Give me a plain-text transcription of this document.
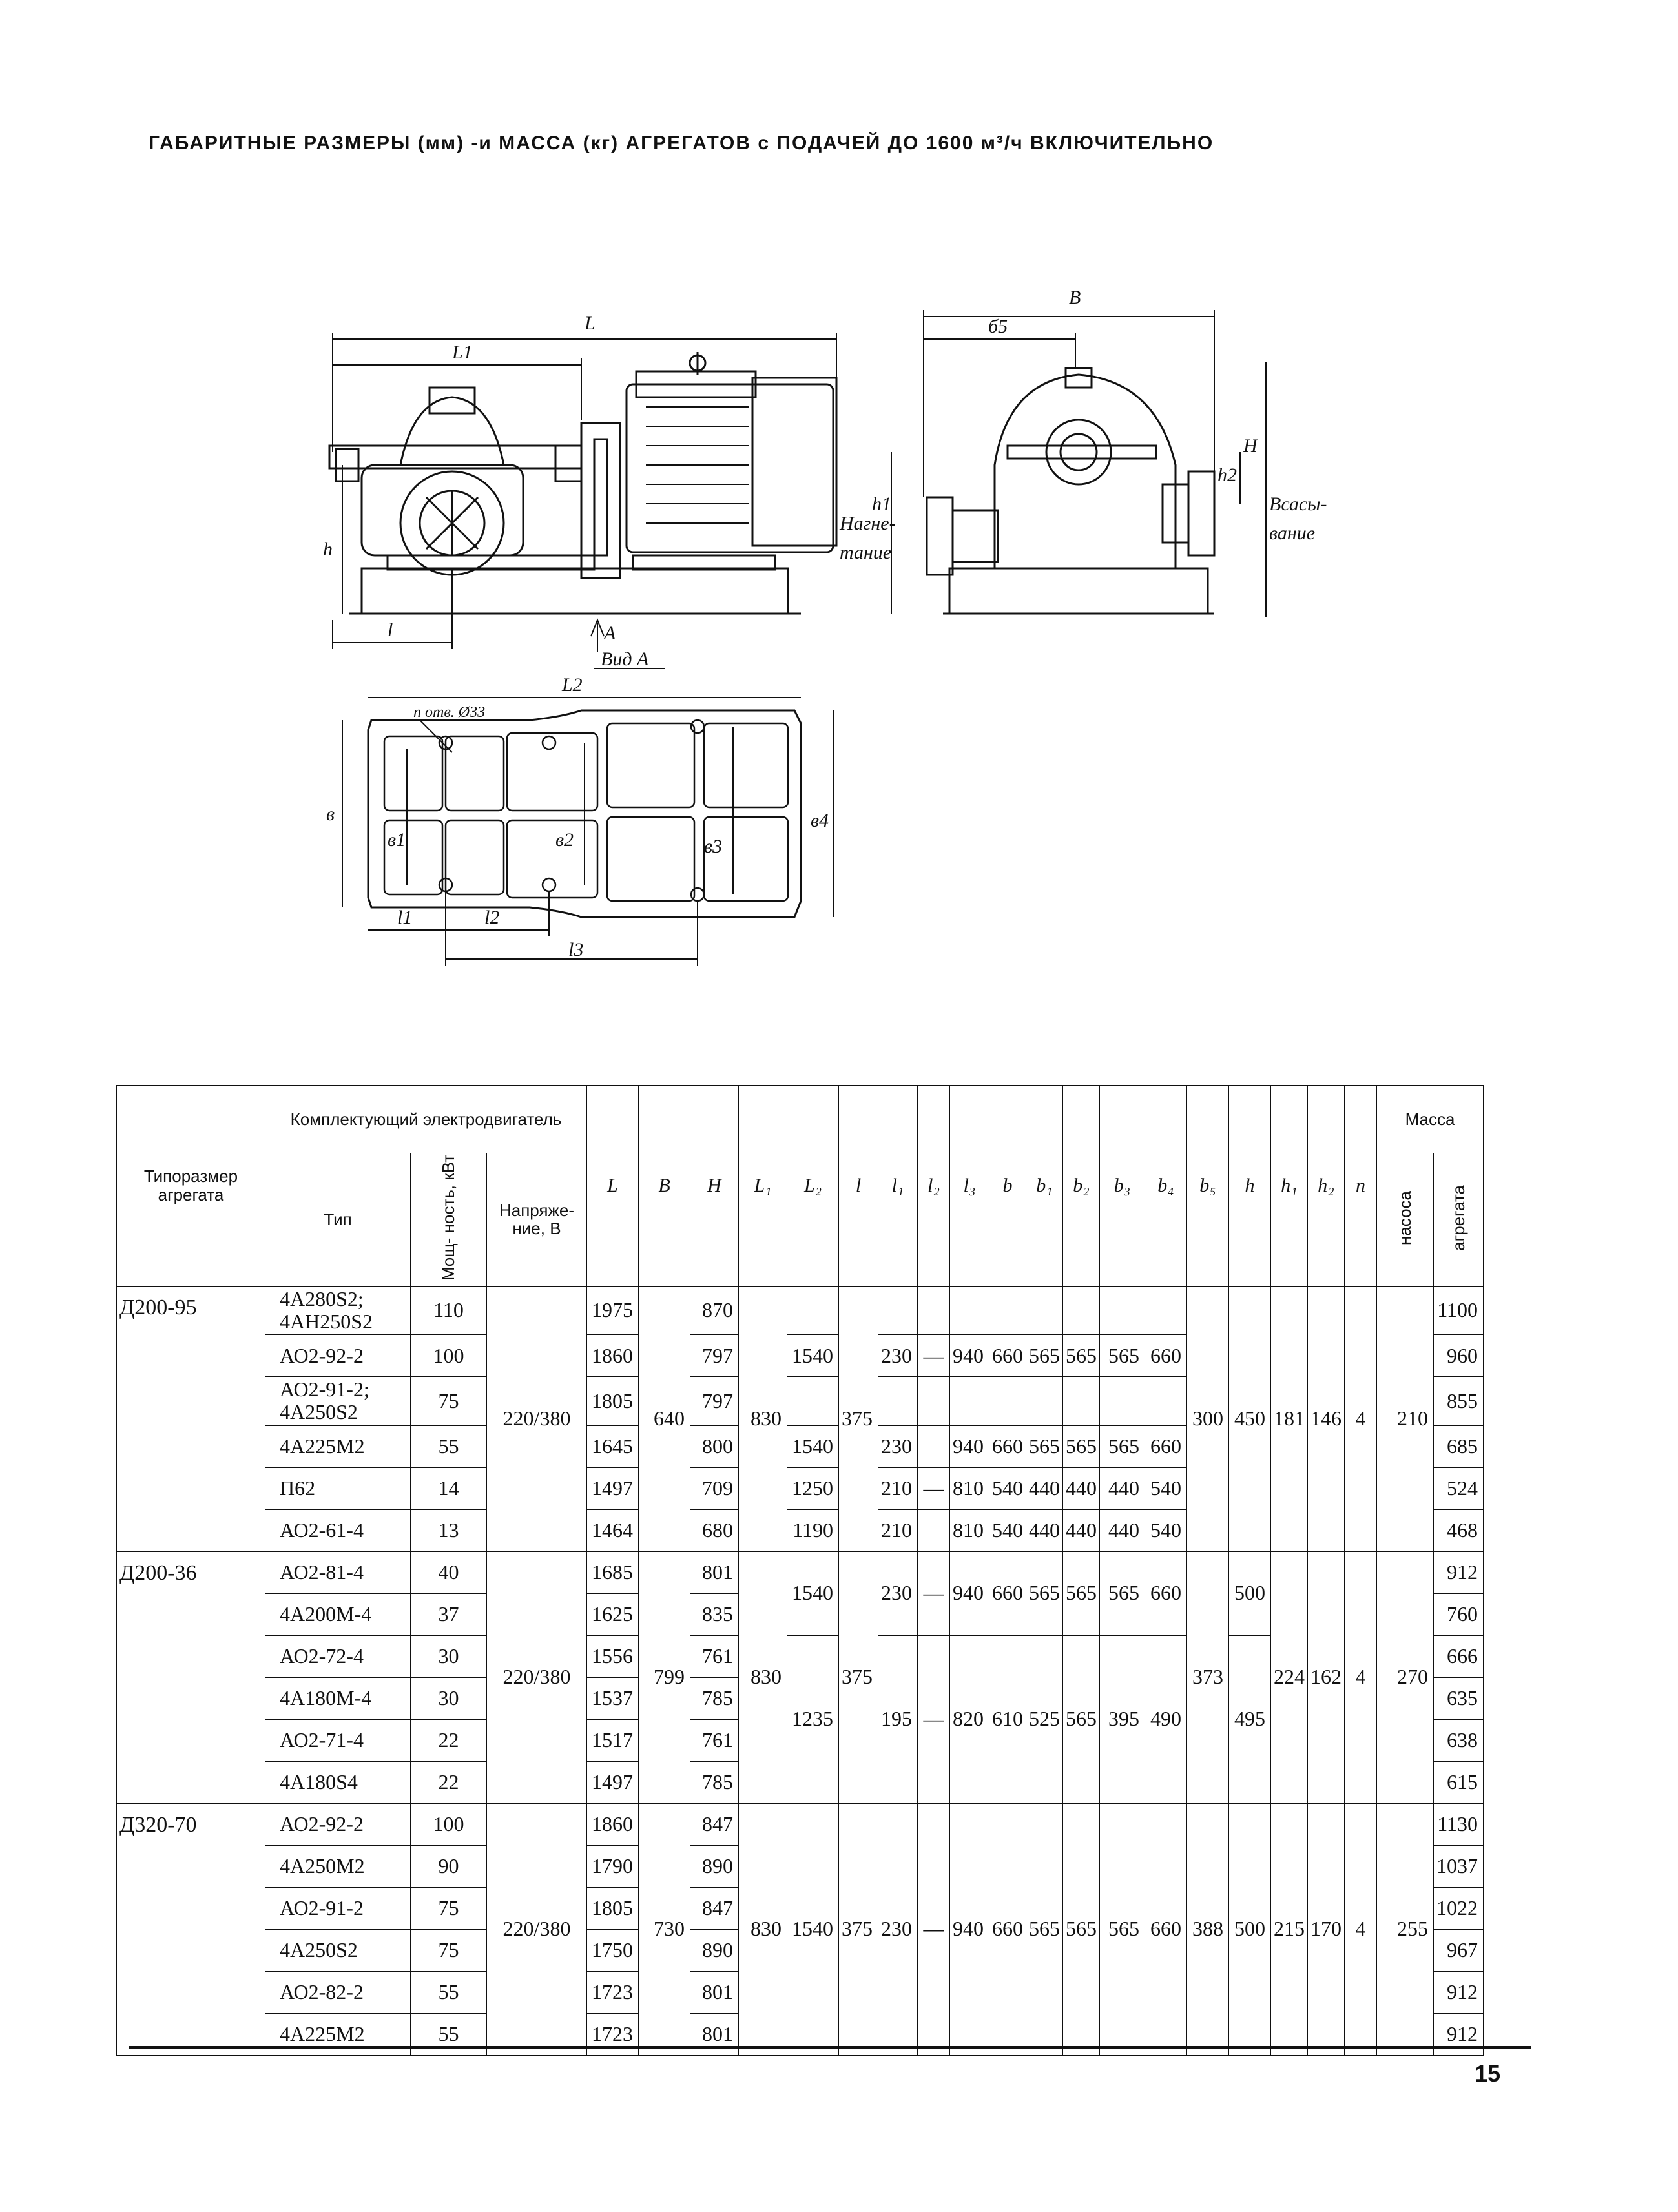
ГАБАРИТНЫЕ РАЗМЕРЫ (мм) -и МАССА (кг) АГРЕГАТОВ с ПОДАЧЕЙ ДО 1600 м³/ч ВКЛЮЧИТЕЛЬНО
L
L1
h
l	A
Вид А
B
б5
H
h1
h2
Нагне-
тание
Всасы-
вание
L2
n отв. Ø33
в
в1	в2	в3
в4
l1	l2
l3
Типоразмер агрегата	Комплектующий электродвигатель			L	B	H	L₁	L₂	l	l₁	l₂	l₃	b	b₁	b₂	b₃	b₄	b₅	h	h₁	h₂	n	Масса	
	Тип	Мощ- ность, кВт	Напряже- ние, В																				насоса	агрегата
Д200-95	4А280S2; 4АН250S2	110	220/380	1975	640	870	830		375									300	450	181	146	4	210	1100
	АО2-92-2	100		1860		797		1540		230	—	940	660	565	565	565	660							960
	АО2-91-2; 4А250S2	75		1805		797																		855
	4А225М2	55		1645		800		1540		230		940	660	565	565	565	660							685
	П62	14		1497		709		1250		210	—	810	540	440	440	440	540							524
	АО2-61-4	13		1464		680		1190		210		810	540	440	440	440	540							468
Д200-36	АО2-81-4	40	220/380	1685	799	801	830	1540	375	230	—	940	660	565	565	565	660	373	500	224	162	4	270	912
	4А200М-4	37		1625		835																		760
	АО2-72-4	30		1556		761		1235		195	—	820	610	525	565	395	490		495					666
	4А180М-4	30		1537		785																		635
	АО2-71-4	22		1517		761																		638
	4А180S4	22		1497		785																		615
Д320-70	АО2-92-2	100	220/380	1860	730	847	830	1540	375	230	—	940	660	565	565	565	660	388	500	215	170	4	255	1130
	4А250М2	90		1790		890																		1037
	АО2-91-2	75		1805		847																		1022
	4А250S2	75		1750		890																		967
	АО2-82-2	55		1723		801																		912
	4А225М2	55		1723		801																		912
15
